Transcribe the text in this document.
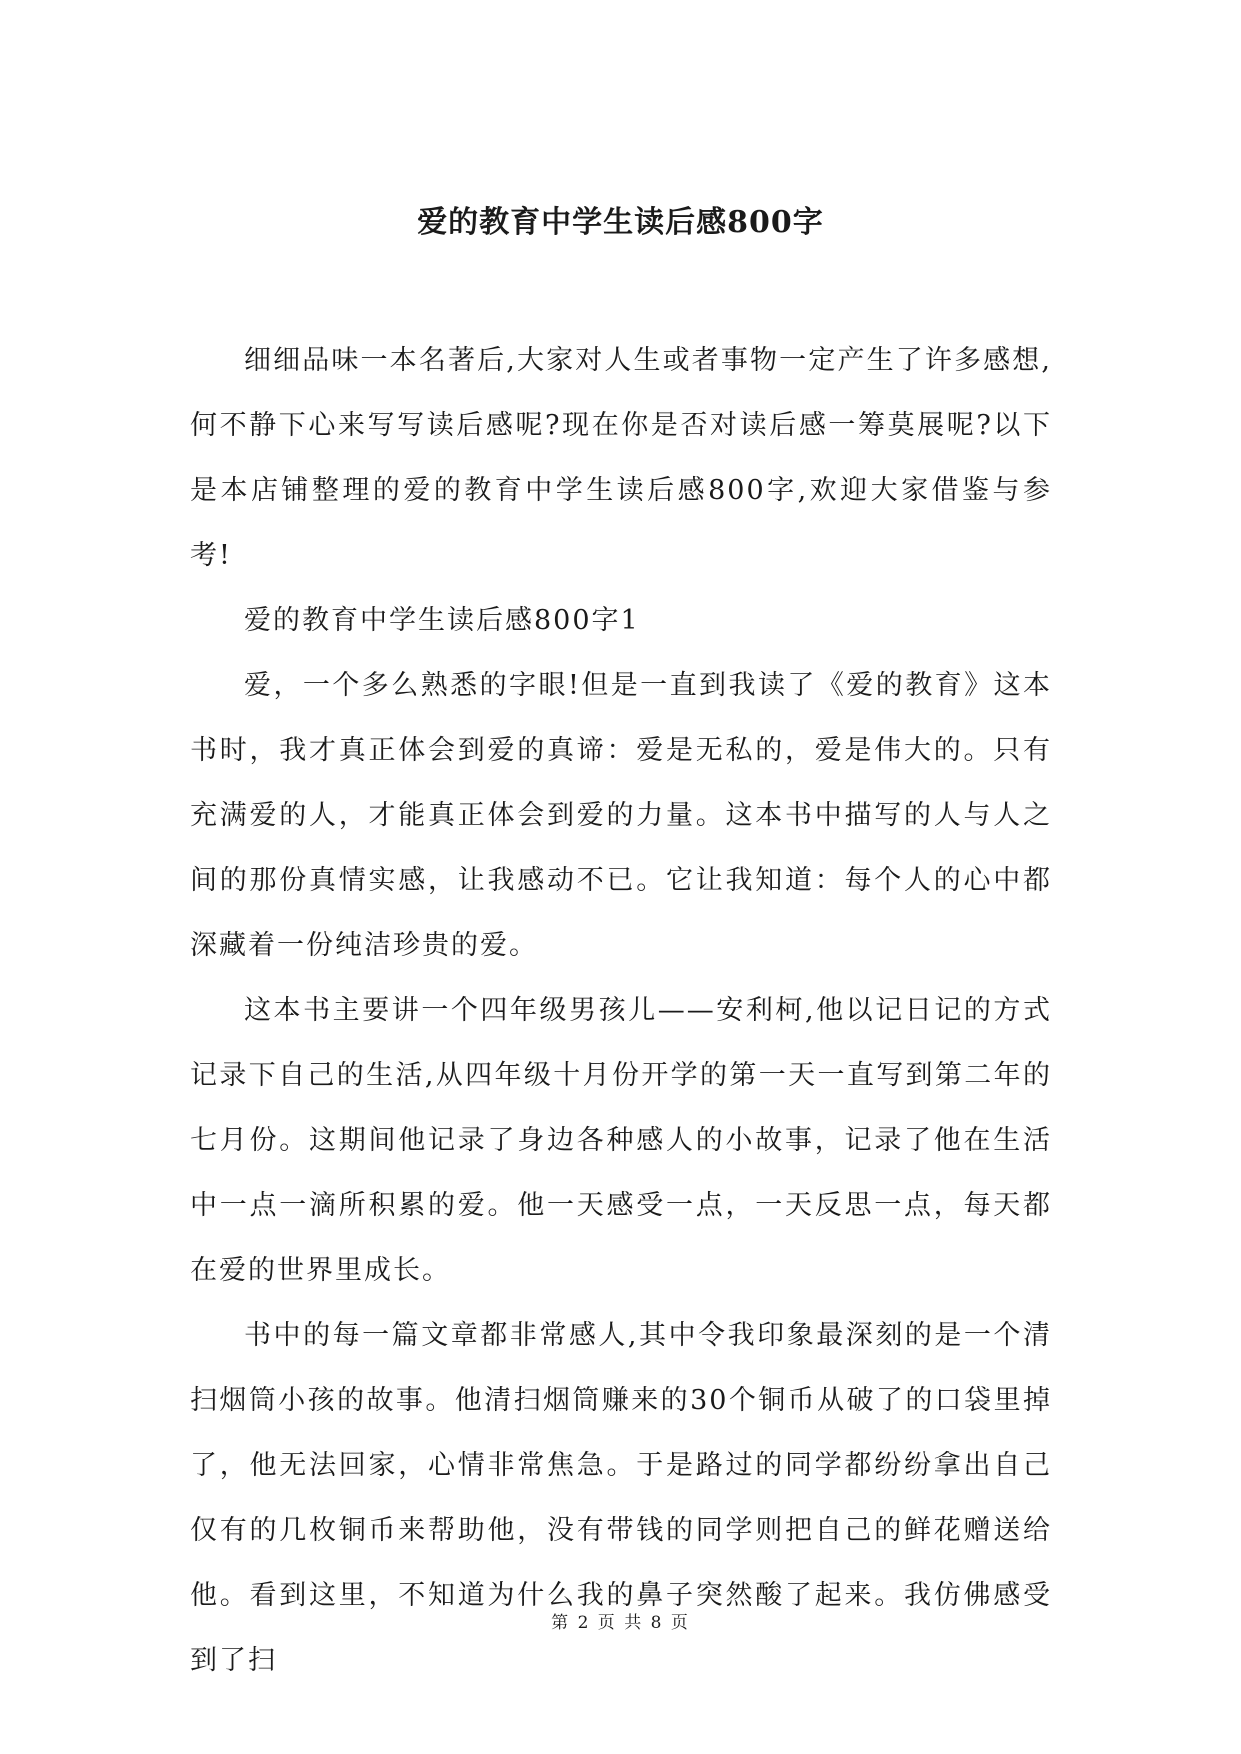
爱的教育中学生读后感800字

细细品味一本名著后,大家对人生或者事物一定产生了许多感想,何不静下心来写写读后感呢?现在你是否对读后感一筹莫展呢?以下是本店铺整理的爱的教育中学生读后感800字,欢迎大家借鉴与参考!

爱的教育中学生读后感800字1

爱，一个多么熟悉的字眼!但是一直到我读了《爱的教育》这本书时，我才真正体会到爱的真谛：爱是无私的，爱是伟大的。只有充满爱的人，才能真正体会到爱的力量。这本书中描写的人与人之间的那份真情实感，让我感动不已。它让我知道：每个人的心中都深藏着一份纯洁珍贵的爱。

这本书主要讲一个四年级男孩儿——安利柯,他以记日记的方式记录下自己的生活,从四年级十月份开学的第一天一直写到第二年的七月份。这期间他记录了身边各种感人的小故事，记录了他在生活中一点一滴所积累的爱。他一天感受一点，一天反思一点，每天都在爱的世界里成长。

书中的每一篇文章都非常感人,其中令我印象最深刻的是一个清扫烟筒小孩的故事。他清扫烟筒赚来的30个铜币从破了的口袋里掉了，他无法回家，心情非常焦急。于是路过的同学都纷纷拿出自己仅有的几枚铜币来帮助他，没有带钱的同学则把自己的鲜花赠送给他。看到这里，不知道为什么我的鼻子突然酸了起来。我仿佛感受到了扫

第 2 页 共 8 页
